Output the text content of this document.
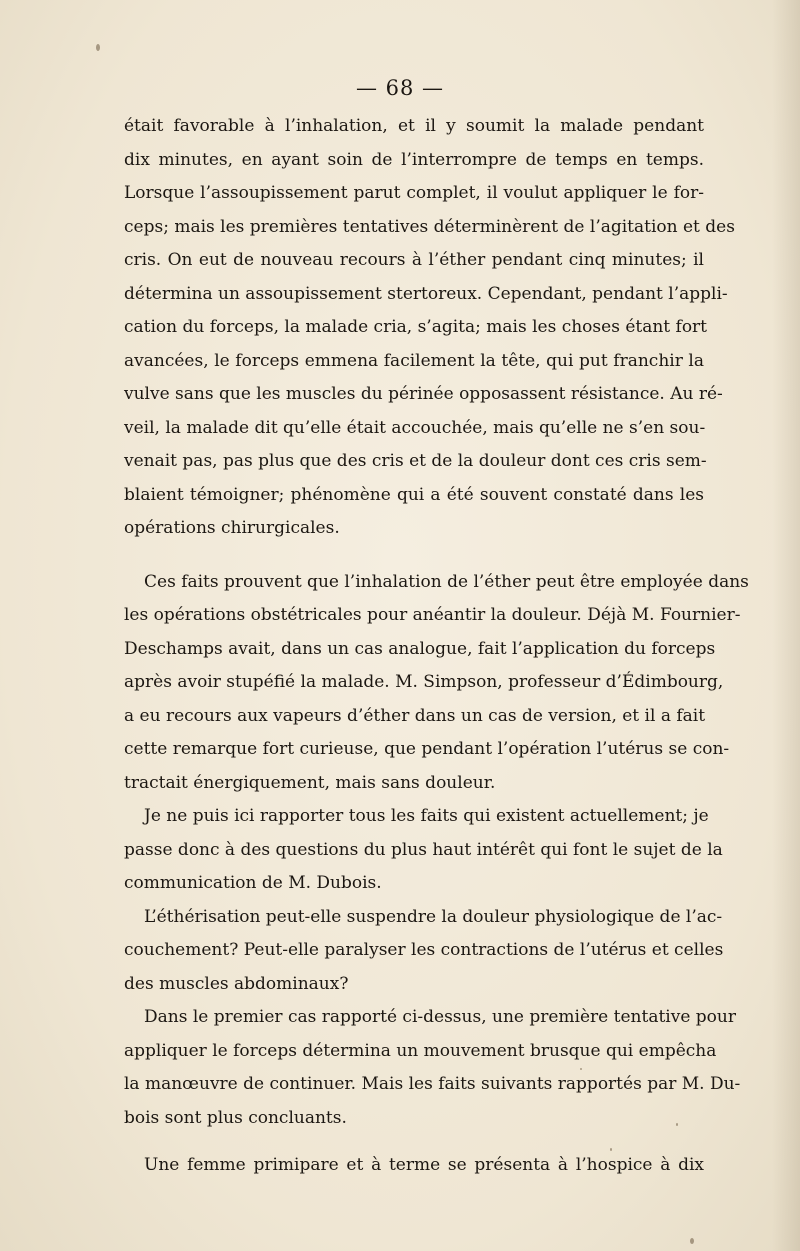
— 68 —

était favorable à l’inhalation, et il y soumit la malade pendant
dix minutes, en ayant soin de l’interrompre de temps en temps.
Lorsque l’assoupissement parut complet, il voulut appliquer le for-
ceps; mais les premières tentatives déterminèrent de l’agitation et des
cris. On eut de nouveau recours à l’éther pendant cinq minutes; il
détermina un assoupissement stertoreux. Cependant, pendant l’appli-
cation du forceps, la malade cria, s’agita; mais les choses étant fort
avancées, le forceps emmena facilement la tête, qui put franchir la
vulve sans que les muscles du périnée opposassent résistance. Au ré-
veil, la malade dit qu’elle était accouchée, mais qu’elle ne s’en sou-
venait pas, pas plus que des cris et de la douleur dont ces cris sem-
blaient témoigner; phénomène qui a été souvent constaté dans les
opérations chirurgicales.

Ces faits prouvent que l’inhalation de l’éther peut être employée dans
les opérations obstétricales pour anéantir la douleur. Déjà M. Fournier-
Deschamps avait, dans un cas analogue, fait l’application du forceps
après avoir stupéfié la malade. M. Simpson, professeur d’Édimbourg,
a eu recours aux vapeurs d’éther dans un cas de version, et il a fait
cette remarque fort curieuse, que pendant l’opération l’utérus se con-
tractait énergiquement, mais sans douleur.

Je ne puis ici rapporter tous les faits qui existent actuellement; je
passe donc à des questions du plus haut intérêt qui font le sujet de la
communication de M. Dubois.

L’éthérisation peut-elle suspendre la douleur physiologique de l’ac-
couchement? Peut-elle paralyser les contractions de l’utérus et celles
des muscles abdominaux?

Dans le premier cas rapporté ci-dessus, une première tentative pour
appliquer le forceps détermina un mouvement brusque qui empêcha
la manœuvre de continuer. Mais les faits suivants rapportés par M. Du-
bois sont plus concluants.

Une femme primipare et à terme se présenta à l’hospice à dix
